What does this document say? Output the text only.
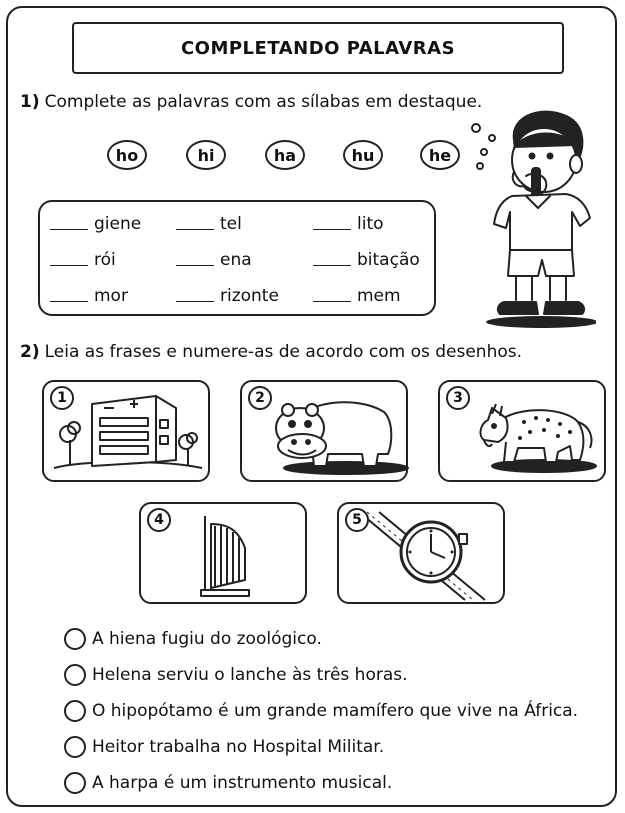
COMPLETANDO PALAVRAS
1) Complete as palavras com as sílabas em destaque.
ho	hi	ha	hu	he
giene	tel	lito
rói	ena	bitação
mor	rizonte	mem
2) Leia as frases e numere-as de acordo com os desenhos.
1	2	3
4	5
A hiena fugiu do zoológico.
Helena serviu o lanche às três horas.
O hipopótamo é um grande mamífero que vive na África.
Heitor trabalha no Hospital Militar.
A harpa é um instrumento musical.
